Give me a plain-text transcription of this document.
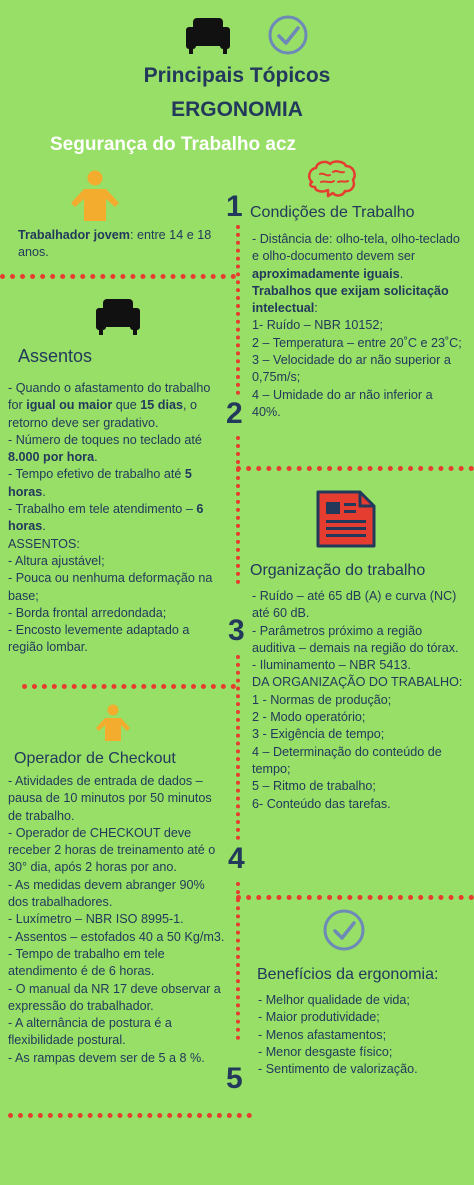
Principais Tópicos
ERGONOMIA
Segurança do Trabalho acz
1 Condições de Trabalho
Trabalhador jovem: entre 14 e 18 anos.

- Distância de: olho-tela, olho-teclado e olho-documento devem ser aproximadamente iguais.

Trabalhos que exijam solicitação intelectual:

1- Ruído – NBR 10152;

2 – Temperatura – entre 20˚C e 23˚C;

3 – Velocidade do ar não superior a 0,75m/s;

4 – Umidade do ar não inferior a 40%.

Assentos

- Quando o afastamento do trabalho for igual ou maior que 15 dias, o retorno deve ser gradativo.

- Número de toques no teclado até 8.000 por hora.

- Tempo efetivo de trabalho até 5 horas.

- Trabalho em tele atendimento – 6 horas.

ASSENTOS:

- Altura ajustável;

- Pouca ou nenhuma deformação na base;

- Borda frontal arredondada;

- Encosto levemente adaptado a região lombar.

2
Organização do trabalho

- Ruído – até 65 dB (A) e curva (NC) até 60 dB.

- Parâmetros próximo a região auditiva – demais na região do tórax.

- Iluminamento – NBR 5413.

DA ORGANIZAÇÃO DO TRABALHO:

1 - Normas de produção;

2 - Modo operatório;

3 - Exigência de tempo;

4 – Determinação do conteúdo de tempo;

5 – Ritmo de trabalho;

6- Conteúdo das tarefas.

3
Operador de Checkout

- Atividades de entrada de dados – pausa de 10 minutos por 50 minutos de trabalho.

- Operador de CHECKOUT deve receber 2 horas de treinamento até o 30° dia, após 2 horas por ano.

- As medidas devem abranger 90% dos trabalhadores.

- Luxímetro – NBR ISO 8995-1.

- Assentos – estofados 40 a 50 Kg/m3.

- Tempo de trabalho em tele atendimento é de 6 horas.

- O manual da NR 17 deve observar a expressão do trabalhador.

- A alternância de postura é a flexibilidade postural.

- As rampas devem ser de 5 a 8 %.

4
Benefícios da ergonomia:

- Melhor qualidade de vida;

- Maior produtividade;

- Menos afastamentos;

- Menor desgaste físico;

- Sentimento de valorização.

5
